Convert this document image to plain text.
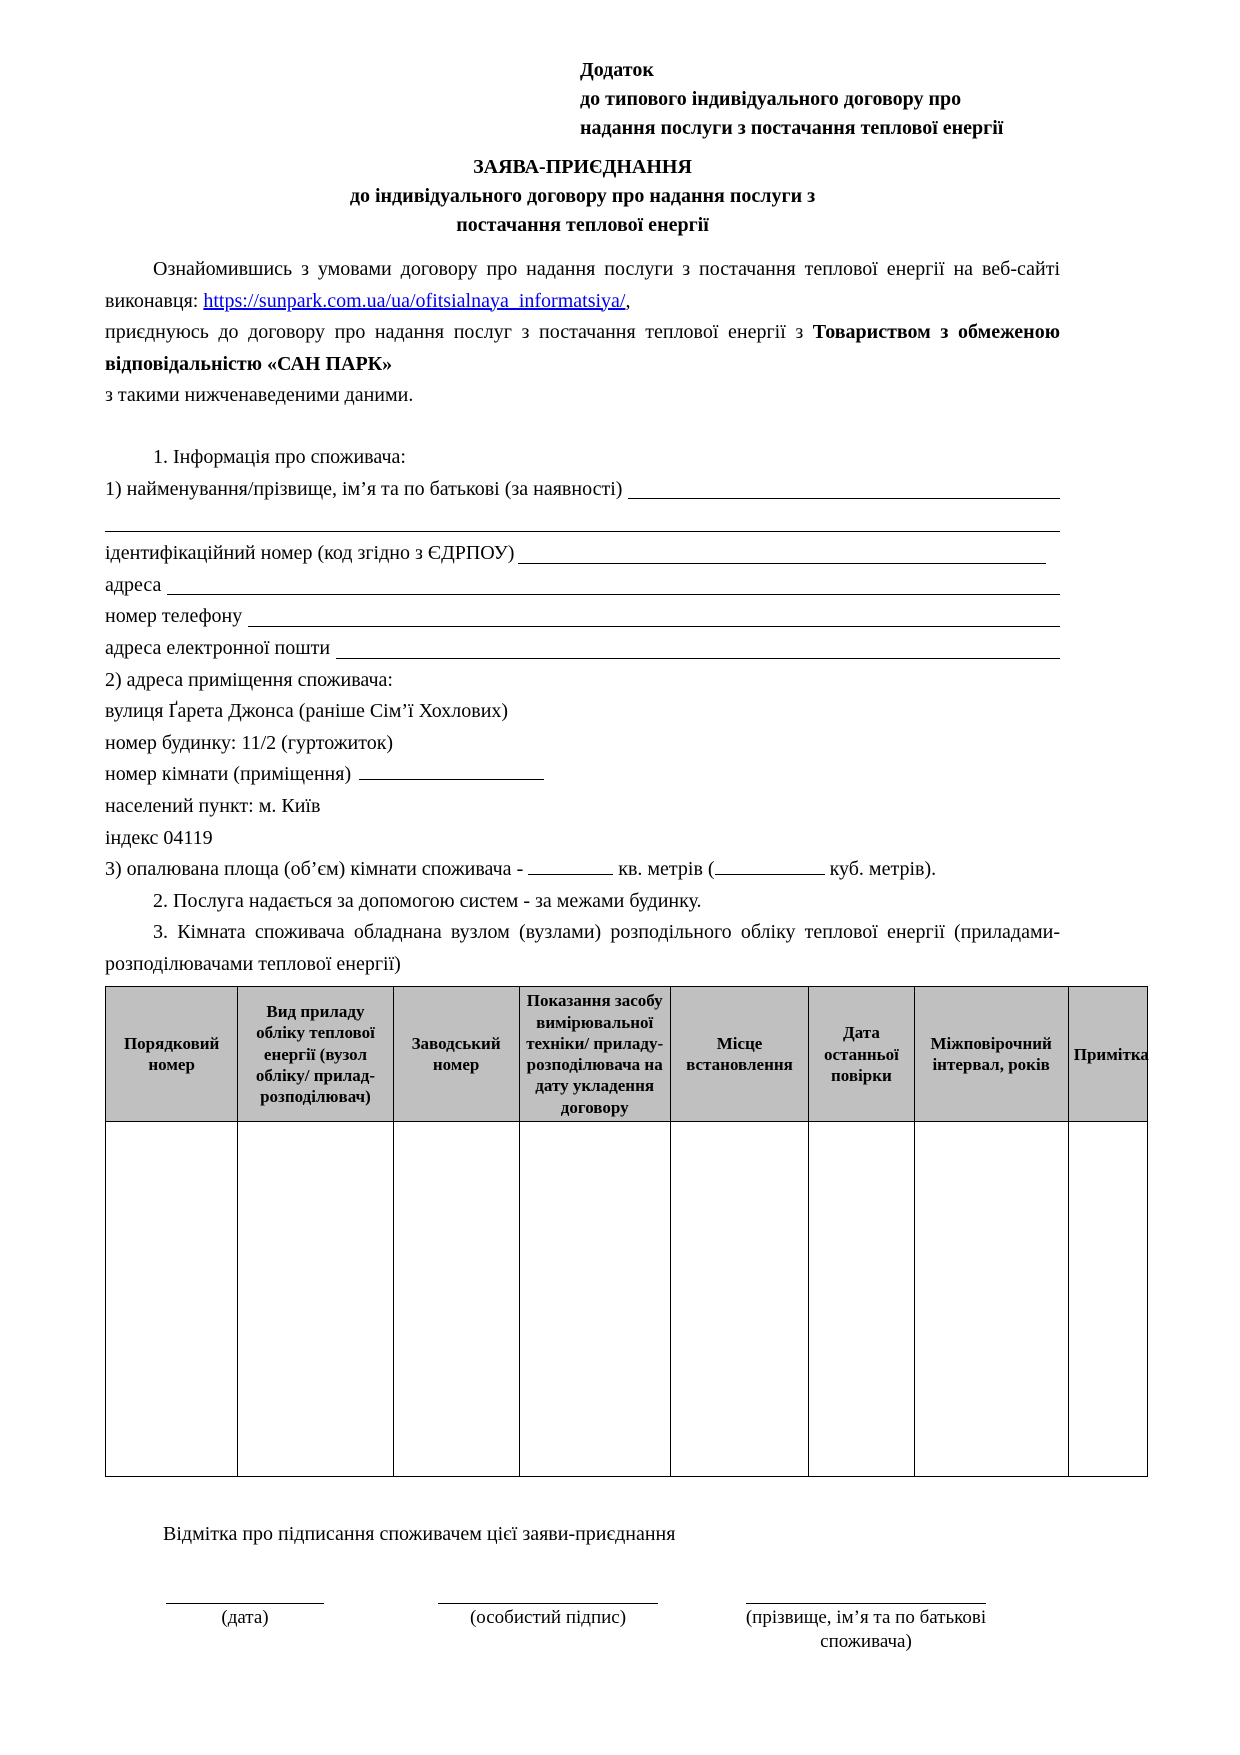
Додаток
до типового індивідуального договору про
надання послуги з постачання теплової енергії
ЗАЯВА-ПРИЄДНАННЯ
до індивідуального договору про надання послуги з
постачання теплової енергії

Ознайомившись з умовами договору про надання послуги з постачання теплової енергії на веб-сайті виконавця: https://sunpark.com.ua/ua/ofitsialnaya_informatsiya/,
приєднуюсь до договору про надання послуг з постачання теплової енергії з Товариством з обмеженою відповідальністю «САН ПАРК»
з такими нижченаведеними даними.

1. Інформація про споживача:
1) найменування/прізвище, ім’я та по батькові (за наявності)
ідентифікаційний номер (код згідно з ЄДРПОУ)
адреса
номер телефону
адреса електронної пошти
2) адреса приміщення споживача:
вулиця Ґарета Джонса (раніше Сім’ї Хохлових)
номер будинку: 11/2 (гуртожиток)
номер кімнати (приміщення)
населений пункт: м. Київ
індекс 04119
3) опалювана площа (об’єм) кімнати споживача -

	кв. метрів (
	куб. метрів).
2. Послуга надається за допомогою систем - за межами будинку.
3. Кімната споживача обладнана вузлом (вузлами) розподільного обліку теплової енергії (приладами-розподілювачами теплової енергії)
Порядковий номер	Вид приладу обліку теплової енергії (вузол обліку/ прилад-розподілювач)	Заводський номер	Показання засобу вимірювальної техніки/ приладу-розподілювача на дату укладення договору	Місце встановлення	Дата останньої повірки	Міжповірочний інтервал, років	Примітка

Відмітка про підписання споживачем цієї заяви-приєднання
(дата)	(особистий підпис)	(прізвище, ім’я та по батькові споживача)
